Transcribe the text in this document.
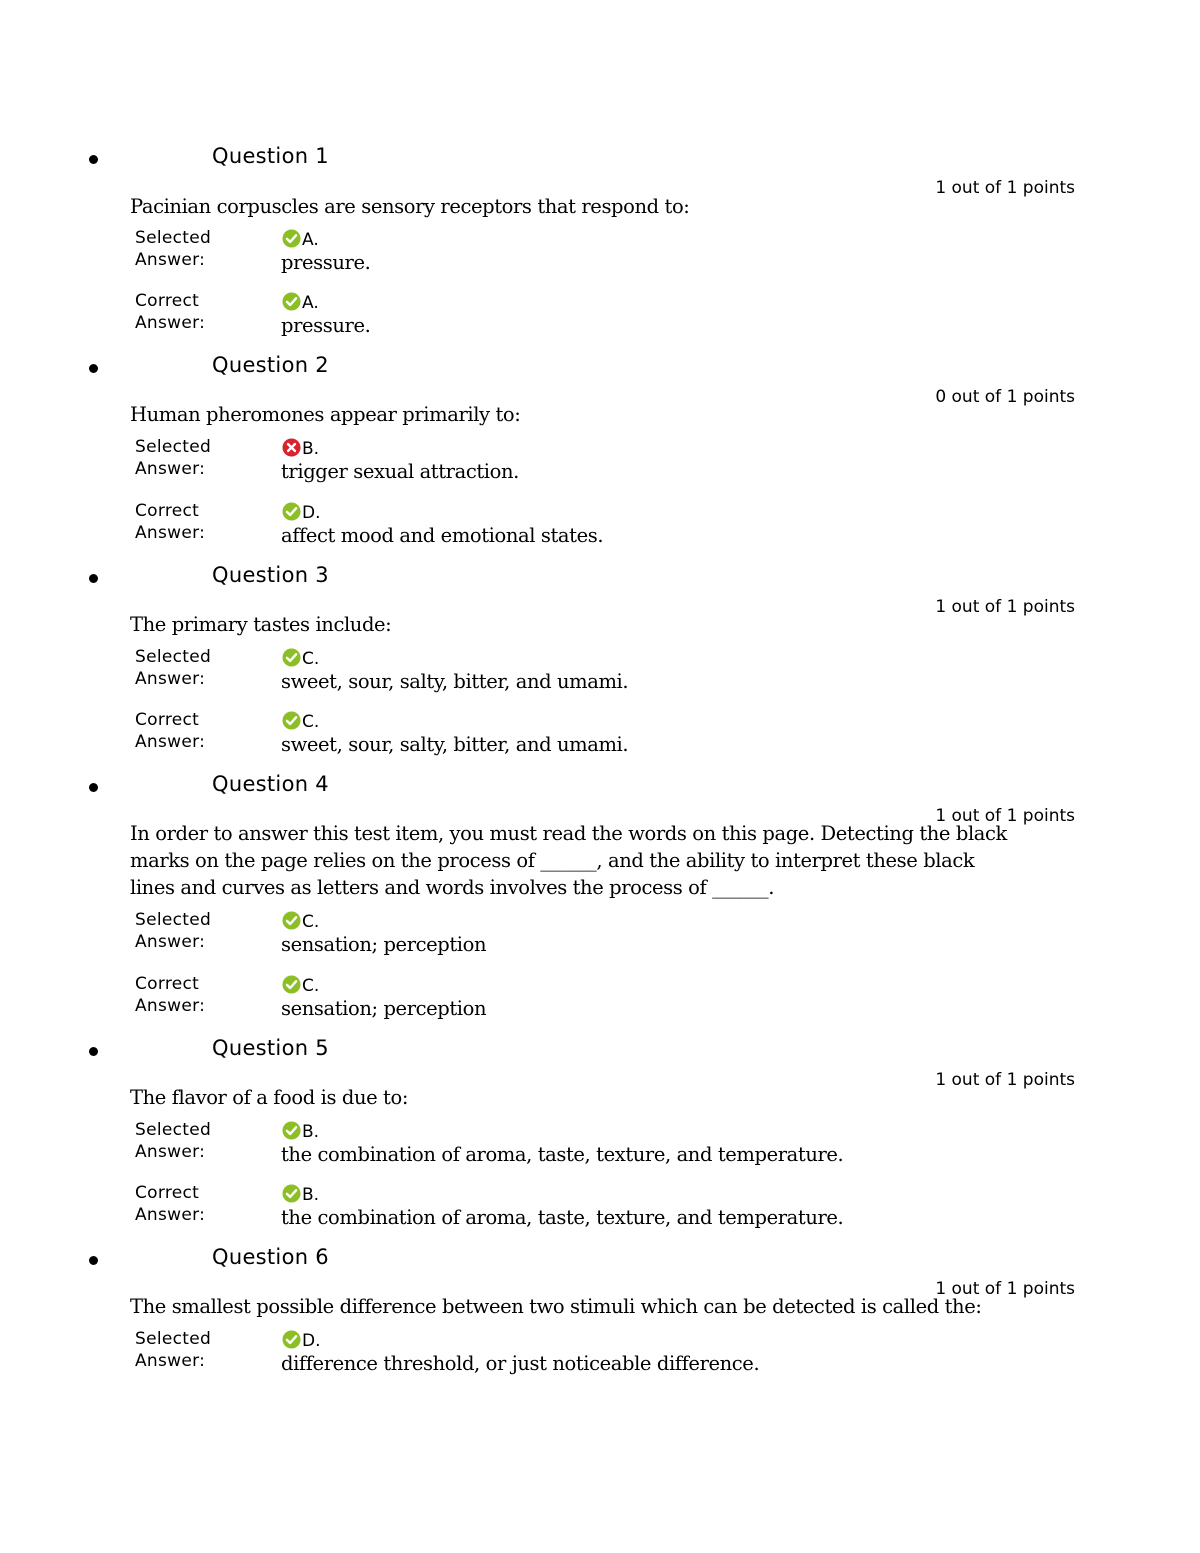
Question 1
1 out of 1 points
Pacinian corpuscles are sensory receptors that respond to:
Selected Answer:
A.
pressure.
Correct Answer:
A.
pressure.
Question 2
0 out of 1 points
Human pheromones appear primarily to:
Selected Answer:
B.
trigger sexual attraction.
Correct Answer:
D.
affect mood and emotional states.
Question 3
1 out of 1 points
The primary tastes include:
Selected Answer:
C.
sweet, sour, salty, bitter, and umami.
Correct Answer:
C.
sweet, sour, salty, bitter, and umami.
Question 4
1 out of 1 points
In order to answer this test item, you must read the words on this page. Detecting the black marks on the page relies on the process of ______, and the ability to interpret these black lines and curves as letters and words involves the process of ______.
Selected Answer:
C.
sensation; perception
Correct Answer:
C.
sensation; perception
Question 5
1 out of 1 points
The flavor of a food is due to:
Selected Answer:
B.
the combination of aroma, taste, texture, and temperature.
Correct Answer:
B.
the combination of aroma, taste, texture, and temperature.
Question 6
1 out of 1 points
The smallest possible difference between two stimuli which can be detected is called the:
Selected Answer:
D.
difference threshold, or just noticeable difference.
